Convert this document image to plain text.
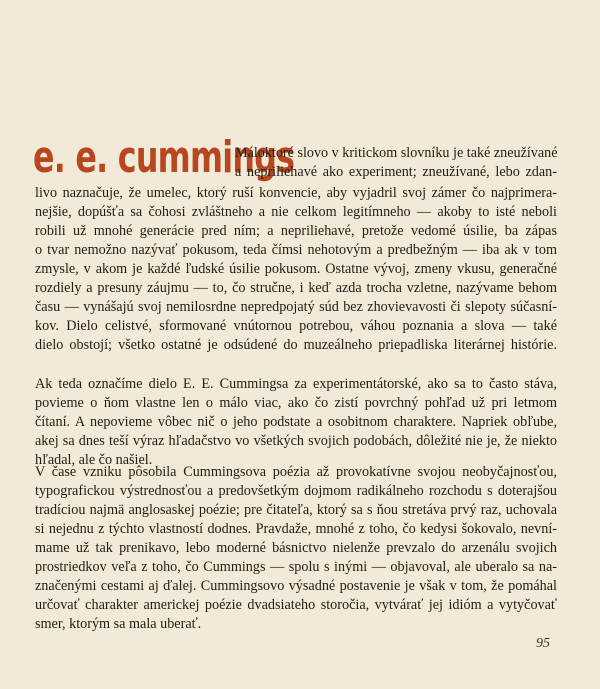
e. e. cummings
Máloktoré slovo v kritickom slovníku je také zneužívané
a nepriliehavé ako experiment; zneužívané, lebo zdan-
livo naznačuje, že umelec, ktorý ruší konvencie, aby vyjadril svoj zámer čo najprimera-
nejšie, dopúšťa sa čohosi zvláštneho a nie celkom legitímneho — akoby to isté neboli
robili už mnohé generácie pred ním; a nepriliehavé, pretože vedomé úsilie, ba zápas
o tvar nemožno nazývať pokusom, teda čímsi nehotovým a predbežným — iba ak v tom
zmysle, v akom je každé ľudské úsilie pokusom. Ostatne vývoj, zmeny vkusu, generačné
rozdiely a presuny záujmu — to, čo stručne, i keď azda trocha vzletne, nazývame behom
času — vynášajú svoj nemilosrdne nepredpojatý súd bez zhovievavosti či slepoty súčasní-
kov. Dielo celistvé, sformované vnútornou potrebou, váhou poznania a slova — také
dielo obstojí; všetko ostatné je odsúdené do muzeálneho priepadliska literárnej histórie.
Ak teda označíme dielo E. E. Cummingsa za experimentátorské, ako sa to často stáva,
povieme o ňom vlastne len o málo viac, ako čo zistí povrchný pohľad už pri letmom
čítaní. A nepovieme vôbec nič o jeho podstate a osobitnom charaktere. Napriek obľube,
akej sa dnes teší výraz hľadačstvo vo všetkých svojich podobách, dôležité nie je, že niekto
hľadal, ale čo našiel.
V čase vzniku pôsobila Cummingsova poézia až provokatívne svojou neobyčajnosťou,
typografickou výstrednosťou a predovšetkým dojmom radikálneho rozchodu s doterajšou
tradíciou najmä anglosaskej poézie; pre čitateľa, ktorý sa s ňou stretáva prvý raz, uchovala
si nejednu z týchto vlastností dodnes. Pravdaže, mnohé z toho, čo kedysi šokovalo, nevní-
mame už tak prenikavo, lebo moderné básnictvo nielenže prevzalo do arzenálu svojich
prostriedkov veľa z toho, čo Cummings — spolu s inými — objavoval, ale uberalo sa na-
značenými cestami aj ďalej. Cummingsovo výsadné postavenie je však v tom, že pomáhal
určovať charakter americkej poézie dvadsiateho storočia, vytvárať jej idióm a vytyčovať
smer, ktorým sa mala uberať.
95
